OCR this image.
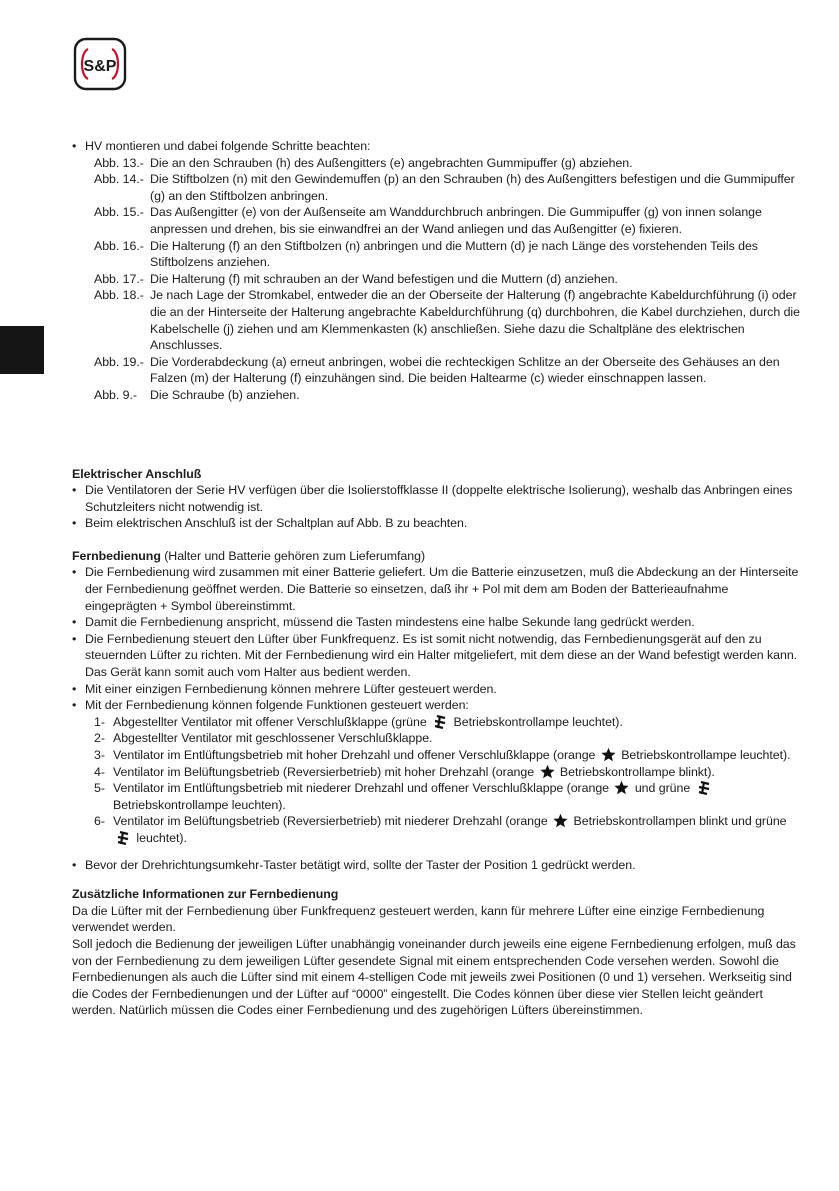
S&P
• HV montieren und dabei folgende Schritte beachten:
Abb. 13.- Die an den Schrauben (h) des Außengitters (e) angebrachten Gummipuffer (g) abziehen.
Abb. 14.- Die Stiftbolzen (n) mit den Gewindemuffen (p) an den Schrauben (h) des Außengitters befestigen und die Gummipuffer (g) an den Stiftbolzen anbringen.
Abb. 15.- Das Außengitter (e) von der Außenseite am Wanddurchbruch anbringen. Die Gummipuffer (g) von innen solange anpressen und drehen, bis sie einwandfrei an der Wand anliegen und das Außengitter (e) fixieren.
Abb. 16.- Die Halterung (f) an den Stiftbolzen (n) anbringen und die Muttern (d) je nach Länge des vorstehenden Teils des Stiftbolzens anziehen.
Abb. 17.- Die Halterung (f) mit schrauben an der Wand befestigen und die Muttern (d) anziehen.
Abb. 18.- Je nach Lage der Stromkabel, entweder die an der Oberseite der Halterung (f) angebrachte Kabeldurchführung (i) oder die an der Hinterseite der Halterung angebrachte Kabeldurchführung (q) durchbohren, die Kabel durchziehen, durch die Kabelschelle (j) ziehen und am Klemmenkasten (k) anschließen. Siehe dazu die Schaltpläne des elektrischen Anschlusses.
Abb. 19.- Die Vorderabdeckung (a) erneut anbringen, wobei die rechteckigen Schlitze an der Oberseite des Gehäuses an den Falzen (m) der Halterung (f) einzuhängen sind. Die beiden Haltearme (c) wieder einschnappen lassen.
Abb. 9.-	Die Schraube (b) anziehen.
Elektrischer Anschluß
• Die Ventilatoren der Serie HV verfügen über die Isolierstoffklasse II (doppelte elektrische Isolierung), weshalb das Anbringen eines Schutzleiters nicht notwendig ist.
• Beim elektrischen Anschluß ist der Schaltplan auf Abb. B zu beachten.
Fernbedienung (Halter und Batterie gehören zum Lieferumfang)
• Die Fernbedienung wird zusammen mit einer Batterie geliefert. Um die Batterie einzusetzen, muß die Abdeckung an der Hinterseite der Fernbedienung geöffnet werden. Die Batterie so einsetzen, daß ihr + Pol mit dem am Boden der Batterieaufnahme eingeprägten + Symbol übereinstimmt.
• Damit die Fernbedienung anspricht, müssend die Tasten mindestens eine halbe Sekunde lang gedrückt werden.
• Die Fernbedienung steuert den Lüfter über Funkfrequenz. Es ist somit nicht notwendig, das Fernbedienungsgerät auf den zu steuernden Lüfter zu richten. Mit der Fernbedienung wird ein Halter mitgeliefert, mit dem diese an der Wand befestigt werden kann. Das Gerät kann somit auch vom Halter aus bedient werden.
• Mit einer einzigen Fernbedienung können mehrere Lüfter gesteuert werden.
• Mit der Fernbedienung können folgende Funktionen gesteuert werden:
1- Abgestellter Ventilator mit offener Verschlußklappe (grüne Betriebskontrollampe leuchtet).
2- Abgestellter Ventilator mit geschlossener Verschlußklappe.
3- Ventilator im Entlüftungsbetrieb mit hoher Drehzahl und offener Verschlußklappe (orange Betriebskontrollampe leuchtet).
4- Ventilator im Belüftungsbetrieb (Reversierbetrieb) mit hoher Drehzahl (orange Betriebskontrollampe blinkt).
5- Ventilator im Entlüftungsbetrieb mit niederer Drehzahl und offener Verschlußklappe (orange und grüne  Betriebskontrollampe leuchten).
6- Ventilator im Belüftungsbetrieb (Reversierbetrieb) mit niederer Drehzahl (orange Betriebskontrollampen blinkt und grüne  leuchtet).
• Bevor der Drehrichtungsumkehr-Taster betätigt wird, sollte der Taster der Position 1 gedrückt werden.
Zusätzliche Informationen zur Fernbedienung
Da die Lüfter mit der Fernbedienung über Funkfrequenz gesteuert werden, kann für mehrere Lüfter eine einzige Fernbedienung verwendet werden.
Soll jedoch die Bedienung der jeweiligen Lüfter unabhängig voneinander durch jeweils eine eigene Fernbedienung erfolgen, muß das von der Fernbedienung zu dem jeweiligen Lüfter gesendete Signal mit einem entsprechenden Code versehen werden. Sowohl die Fernbedienungen als auch die Lüfter sind mit einem 4-stelligen Code mit jeweils zwei Positionen (0 und 1) versehen. Werkseitig sind die Codes der Fernbedienungen und der Lüfter auf “0000” eingestellt. Die Codes können über diese vier Stellen leicht geändert werden. Natürlich müssen die Codes einer Fernbedienung und des zugehörigen Lüfters übereinstimmen.
